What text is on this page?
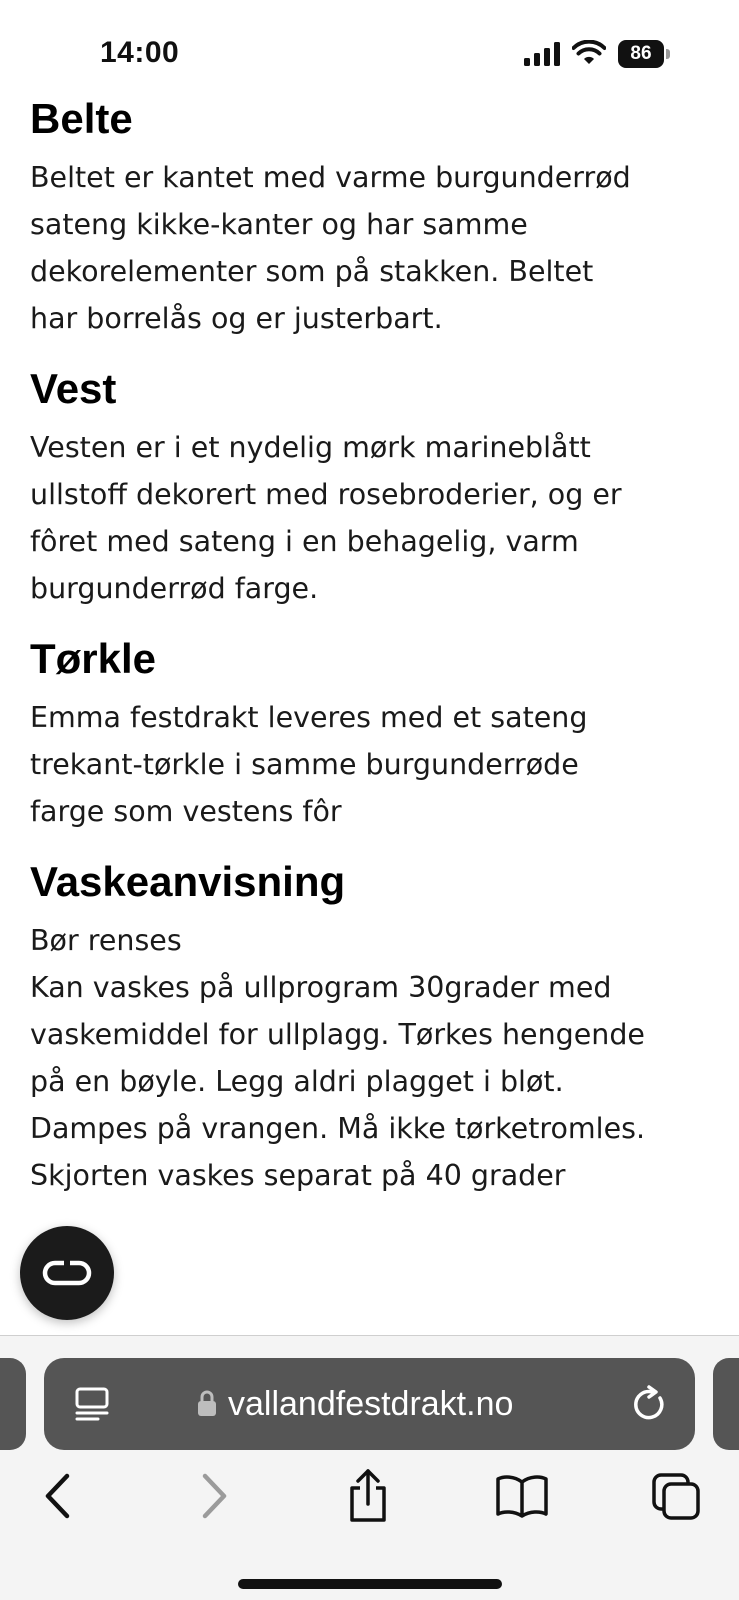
14:00	86
Belte

Beltet er kantet med varme burgunderrød
sateng kikke-kanter og har samme
dekorelementer som på stakken. Beltet
har borrelås og er justerbart.

Vest

Vesten er i et nydelig mørk marineblått
ullstoff dekorert med rosebroderier, og er
fôret med sateng i en behagelig, varm
burgunderrød farge.

Tørkle

Emma festdrakt leveres med et sateng
trekant-tørkle i samme burgunderrøde
farge som vestens fôr

Vaskeanvisning

Bør renses
Kan vaskes på ullprogram 30grader med
vaskemiddel for ullplagg. Tørkes hengende
på en bøyle. Legg aldri plagget i bløt.
Dampes på vrangen. Må ikke tørketromles.
Skjorten vaskes separat på 40 grader

vallandfestdrakt.no
